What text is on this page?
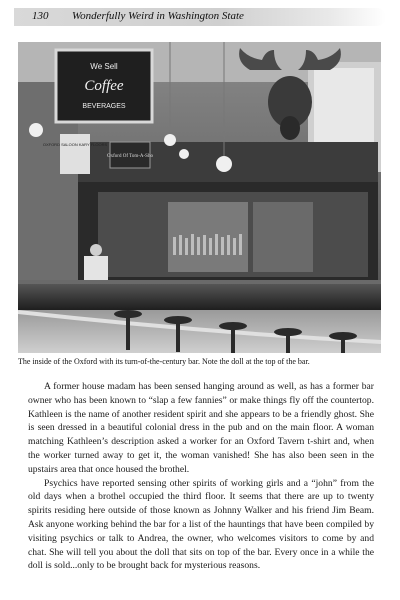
130 Wonderfully Weird in Washington State
We Sell
Coffee
BEVERAGES
OXFORD SALOON KARY FLOORS
Oxford Of Tom-A-Sho
The inside of the Oxford with its turn-of-the-century bar. Note the doll at the top of the bar.

A former house madam has been sensed hanging around as well, as has a former bar owner who has been known to “slap a few fannies” or make things fly off the countertop. Kathleen is the name of another resident spirit and she appears to be a friendly ghost. She is seen dressed in a beautiful colonial dress in the pub and on the main floor. A woman matching Kathleen’s description asked a worker for an Oxford Tavern t-shirt and, when the worker turned away to get it, the woman vanished! She has also been seen in the upstairs area that once housed the brothel.

Psychics have reported sensing other spirits of working girls and a “john” from the old days when a brothel occupied the third floor. It seems that there are up to twenty spirits residing here outside of those known as Johnny Walker and his friend Jim Beam. Ask anyone working behind the bar for a list of the hauntings that have been compiled by visiting psychics or talk to Andrea, the owner, who welcomes visitors to come by and chat. She will tell you about the doll that sits on top of the bar. Every once in a while the doll is sold...only to be brought back for mysterious reasons.
